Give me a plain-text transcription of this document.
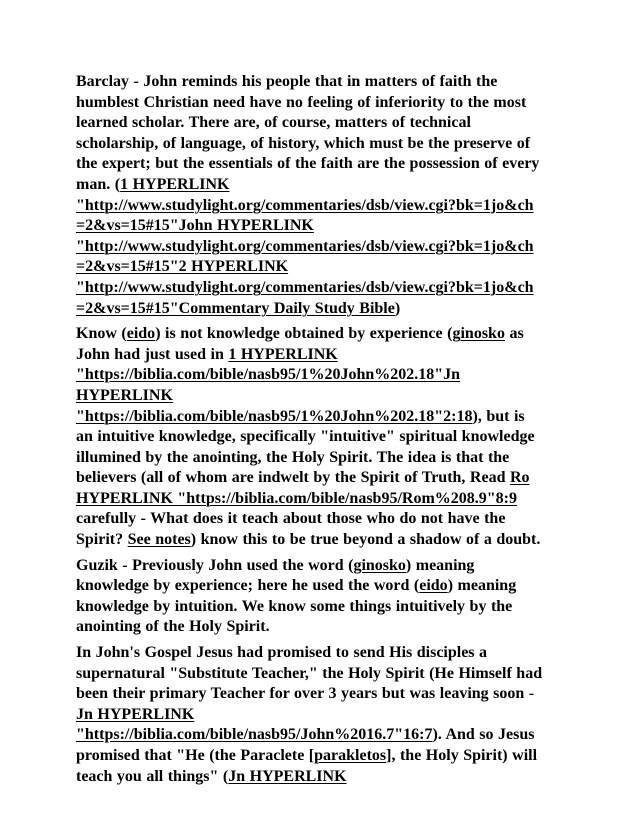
Barclay - John reminds his people that in matters of faith the
humblest Christian need have no feeling of inferiority to the most
learned scholar. There are, of course, matters of technical
scholarship, of language, of history, which must be the preserve of
the expert; but the essentials of the faith are the possession of every
man. (1 HYPERLINK
"http://www.studylight.org/commentaries/dsb/view.cgi?bk=1jo&ch
=2&vs=15#15"John HYPERLINK
"http://www.studylight.org/commentaries/dsb/view.cgi?bk=1jo&ch
=2&vs=15#15"2 HYPERLINK
"http://www.studylight.org/commentaries/dsb/view.cgi?bk=1jo&ch
=2&vs=15#15"Commentary Daily Study Bible)

Know (eido) is not knowledge obtained by experience (ginosko as
John had just used in 1 HYPERLINK
"https://biblia.com/bible/nasb95/1%20John%202.18"Jn
HYPERLINK
"https://biblia.com/bible/nasb95/1%20John%202.18"2:18), but is
an intuitive knowledge, specifically "intuitive" spiritual knowledge
illumined by the anointing, the Holy Spirit. The idea is that the
believers (all of whom are indwelt by the Spirit of Truth, Read Ro
HYPERLINK "https://biblia.com/bible/nasb95/Rom%208.9"8:9
carefully - What does it teach about those who do not have the
Spirit? See notes) know this to be true beyond a shadow of a doubt.

Guzik - Previously John used the word (ginosko) meaning
knowledge by experience; here he used the word (eido) meaning
knowledge by intuition. We know some things intuitively by the
anointing of the Holy Spirit.

In John's Gospel Jesus had promised to send His disciples a
supernatural "Substitute Teacher," the Holy Spirit (He Himself had
been their primary Teacher for over 3 years but was leaving soon -
Jn HYPERLINK
"https://biblia.com/bible/nasb95/John%2016.7"16:7). And so Jesus
promised that "He (the Paraclete [parakletos], the Holy Spirit) will
teach you all things" (Jn HYPERLINK
